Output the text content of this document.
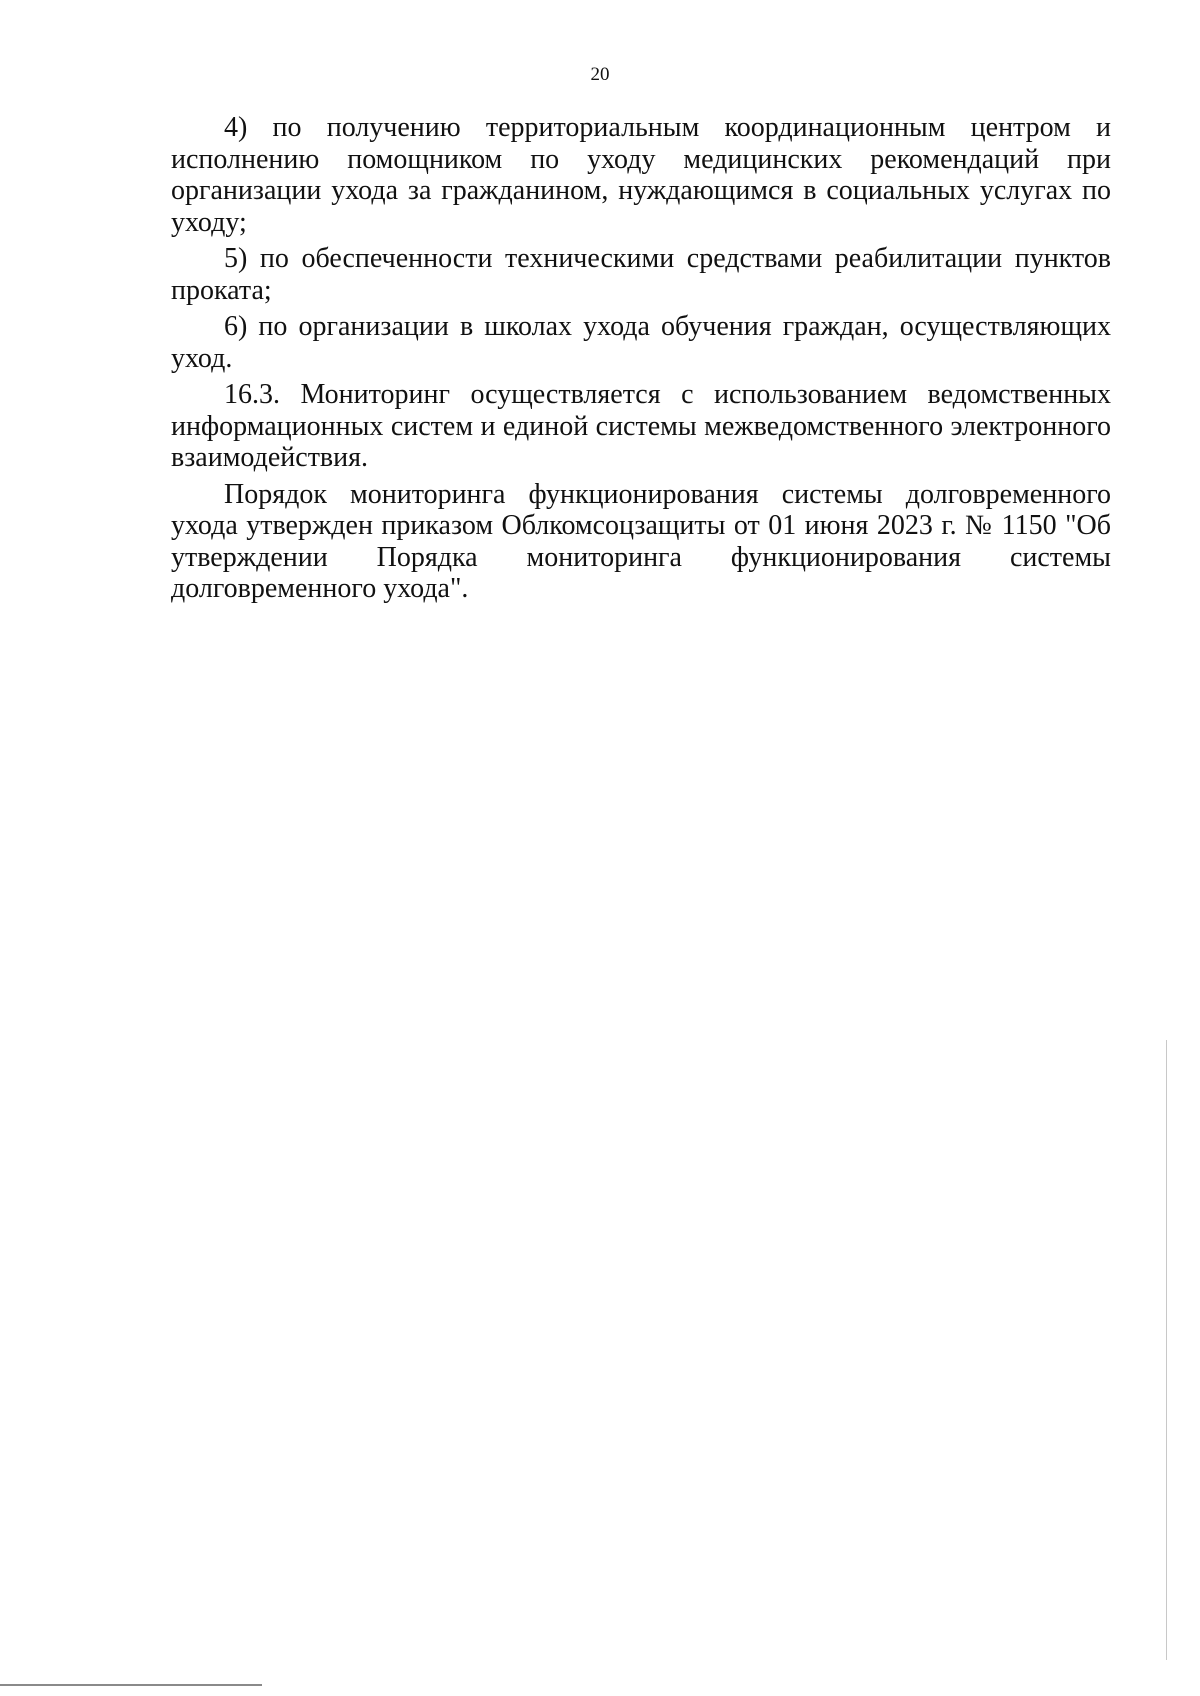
20

4) по получению территориальным координационным центром и исполнению помощником по уходу медицинских рекомендаций при организации ухода за гражданином, нуждающимся в социальных услугах по уходу;

5) по обеспеченности техническими средствами реабилитации пунктов проката;

6) по организации в школах ухода обучения граждан, осуществляющих уход.

16.3. Мониторинг осуществляется с использованием ведомственных информационных систем и единой системы межведомственного электронного взаимодействия.

Порядок мониторинга функционирования системы долговременного ухода утвержден приказом Облкомсоцзащиты от 01 июня 2023 г. № 1150 "Об утверждении Порядка мониторинга функционирования системы долговременного ухода".
